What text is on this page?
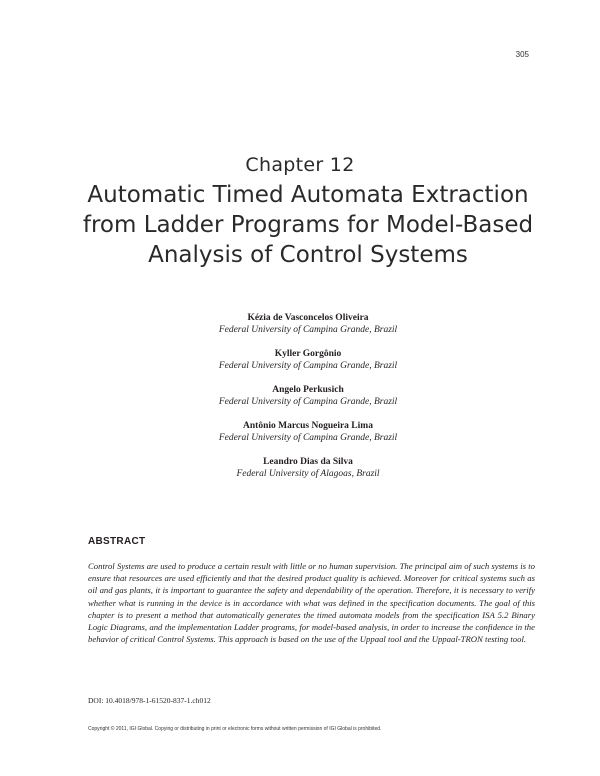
305
Chapter 12
Automatic Timed Automata Extraction from Ladder Programs for Model-Based Analysis of Control Systems
Kézia de Vasconcelos Oliveira
Federal University of Campina Grande, Brazil
Kyller Gorgônio
Federal University of Campina Grande, Brazil
Angelo Perkusich
Federal University of Campina Grande, Brazil
Antônio Marcus Nogueira Lima
Federal University of Campina Grande, Brazil
Leandro Dias da Silva
Federal University of Alagoas, Brazil
ABSTRACT

Control Systems are used to produce a certain result with little or no human supervision. The principal aim of such systems is to ensure that resources are used efficiently and that the desired product quality is achieved. Moreover for critical systems such as oil and gas plants, it is important to guarantee the safety and dependability of the operation. Therefore, it is necessary to verify whether what is running in the device is in accordance with what was defined in the specification documents. The goal of this chapter is to present a method that automatically generates the timed automata models from the specification ISA 5.2 Binary Logic Diagrams, and the implementation Ladder programs, for model-based analysis, in order to increase the confidence in the behavior of critical Control Systems. This approach is based on the use of the Uppaal tool and the Uppaal-TRON testing tool.

DOI: 10.4018/978-1-61520-837-1.ch012
Copyright © 2011, IGI Global. Copying or distributing in print or electronic forms without written permission of IGI Global is prohibited.
